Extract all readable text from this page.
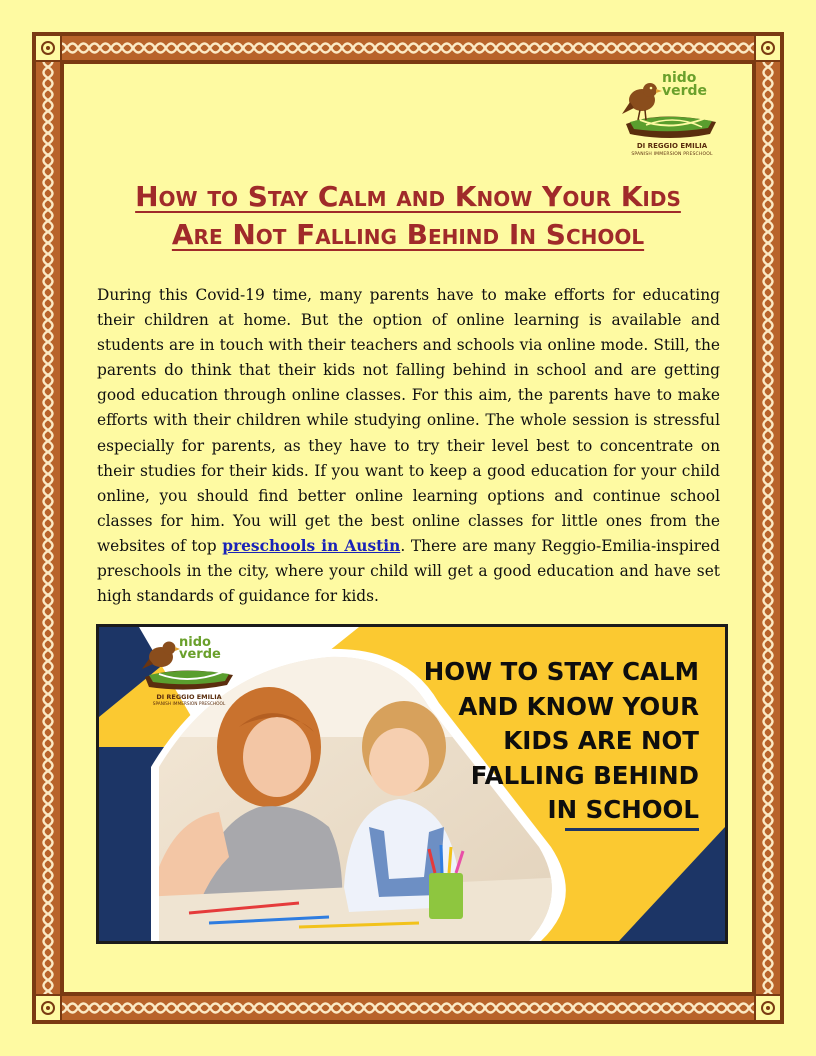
nido
verde
DI REGGIO EMILIA
SPANISH IMMERSION PRESCHOOL
How to Stay Calm and Know Your Kids
Are Not Falling Behind In School

During this Covid-19 time, many parents have to make efforts for educating their children at home. But the option of online learning is available and students are in touch with their teachers and schools via online mode. Still, the parents do think that their kids not falling behind in school and are getting good education through online classes. For this aim, the parents have to make efforts with their children while studying online. The whole session is stressful especially for parents, as they have to try their level best to concentrate on their studies for their kids. If you want to keep a good education for your child online, you should find better online learning options and continue school classes for him. You will get the best online classes for little ones from the websites of top preschools in Austin. There are many Reggio-Emilia-inspired preschools in the city, where your child will get a good education and have set high standards of guidance for kids.

nido
verde
DI REGGIO EMILIA
SPANISH IMMERSION PRESCHOOL
HOW TO STAY CALM
AND KNOW YOUR
KIDS ARE NOT
FALLING BEHIND
IN SCHOOL
